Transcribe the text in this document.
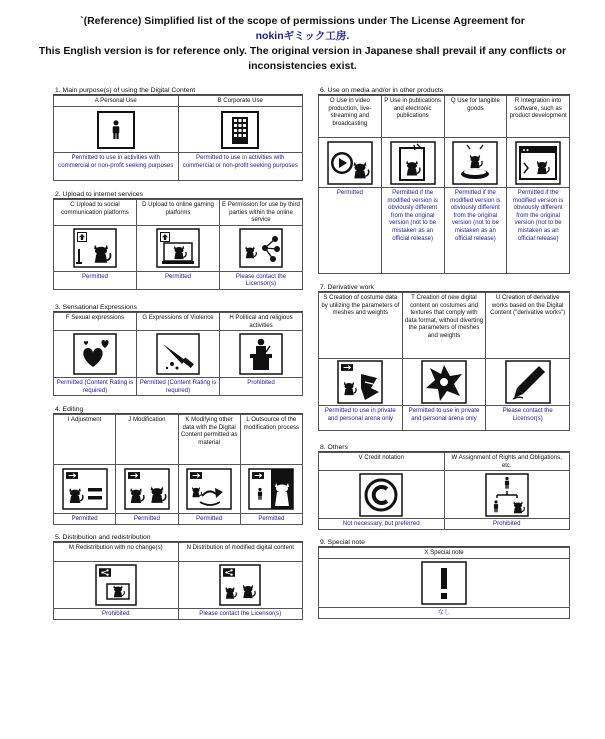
`(Reference) Simplified list of the scope of permissions under The License Agreement for
nokinギミック工房.
This English version is for reference only. The original version in Japanese shall prevail if any conflicts or
inconsistencies exist.
1. Main purpose(s) of using the Digital Content
A Personal Use	B Corporate Use

Permitted to use in activities with commercial or non-profit seeking purposes	Permitted to use in activities with commercial or non-profit seeking purposes
2. Upload to internet services
C Upload to social communication platforms	D Upload to online gaming platforms	E Permission for use by third parties within the online service

Permitted	Permitted	Please contact the Licensor(s)
3. Sensational Expressions
F Sexual expressions	G Expressions of Violence	H Political and religious activities

Permitted (Content Rating is required)	Permitted (Content Rating is required)	Prohibited
4. Editing
I Adjustment	J Modification	K Modifying other data with the Digital Content permitted as material	L Outsource of the modification process

Permitted	Permitted	Permitted	Permitted
5. Distribution and redistribution
M Redistribution with no change(s)	N Distribution of modified digital content

Prohibited	Please contact the Licensor(s)
6. Use on media and/or in other products
O Use in video production, live-streaming and broadcasting	P Use in publications and electronic publications	Q Use for tangible goods	R Integration into software, such as product development

Permitted	Permitted if the modified version is obviously different from the original version (not to be mistaken as an official release)	Permitted if the modified version is obviously different from the original version (not to be mistaken as an official release)	Permitted if the modified version is obviously different from the original version (not to be mistaken as an official release)
7. Derivative work
S Creation of costume data by utilizing the parameters of meshes and weights	T Creation of new digital content on costumes and textures that comply with data format, without diverting the parameters of meshes and weights	U Creation of derivative works based on the Digital Content ("derivative works")

Permitted to use in private and personal arena only	Permitted to use in private and personal arena only	Please contact the Licensor(s)
8. Others
V Credit notation	W Assignment of Rights and Obligations, etc.

Not necessary, but preferred	Prohibited
9. Special note
X Special note

なし
